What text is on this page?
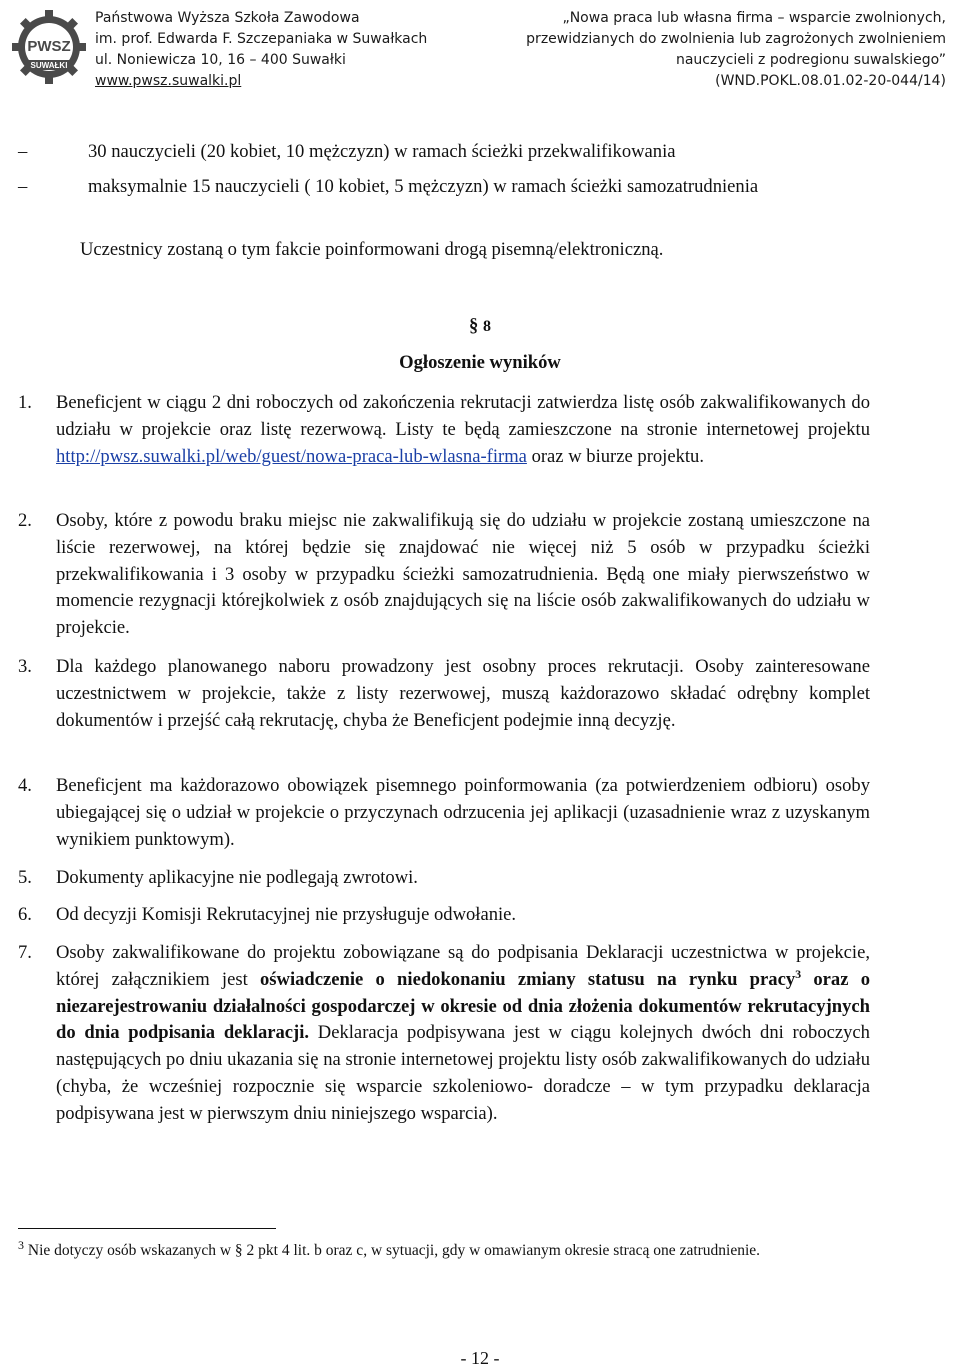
PWSZ
SUWAŁKI
Państwowa Wyższa Szkoła Zawodowa
im. prof. Edwarda F. Szczepaniaka w Suwałkach
ul. Noniewicza 10, 16 – 400 Suwałki
www.pwsz.suwalki.pl
„Nowa praca lub własna firma – wsparcie zwolnionych,
przewidzianych do zwolnienia lub zagrożonych zwolnieniem
nauczycieli z podregionu suwalskiego”
(WND.POKL.08.01.02-20-044/14)
–	30 nauczycieli (20 kobiet, 10 mężczyzn) w ramach ścieżki przekwalifikowania
–	maksymalnie 15 nauczycieli ( 10 kobiet, 5 mężczyzn) w ramach ścieżki samozatrudnienia
Uczestnicy zostaną o tym fakcie poinformowani drogą pisemną/elektroniczną.
§ 8
Ogłoszenie wyników
1. Beneficjent w ciągu 2 dni roboczych od zakończenia rekrutacji zatwierdza listę osób zakwalifikowanych do udziału w projekcie oraz listę rezerwową. Listy te będą zamieszczone na stronie internetowej projektu http://pwsz.suwalki.pl/web/guest/nowa-praca-lub-wlasna-firma oraz w biurze projektu.
2. Osoby, które z powodu braku miejsc nie zakwalifikują się do udziału w projekcie zostaną umieszczone na liście rezerwowej, na której będzie się znajdować nie więcej niż 5 osób w przypadku ścieżki przekwalifikowania i 3 osoby w przypadku ścieżki samozatrudnienia. Będą one miały pierwszeństwo w momencie rezygnacji którejkolwiek z osób znajdujących się na liście osób zakwalifikowanych do udziału w projekcie.
3. Dla każdego planowanego naboru prowadzony jest osobny proces rekrutacji. Osoby zainteresowane uczestnictwem w projekcie, także z listy rezerwowej, muszą każdorazowo składać odrębny komplet dokumentów i przejść całą rekrutację, chyba że Beneficjent podejmie inną decyzję.
4. Beneficjent ma każdorazowo obowiązek pisemnego poinformowania (za potwierdzeniem odbioru) osoby ubiegającej się o udział w projekcie o przyczynach odrzucenia jej aplikacji (uzasadnienie wraz z uzyskanym wynikiem punktowym).
5. Dokumenty aplikacyjne nie podlegają zwrotowi.
6. Od decyzji Komisji Rekrutacyjnej nie przysługuje odwołanie.
7. Osoby zakwalifikowane do projektu zobowiązane są do podpisania Deklaracji uczestnictwa w projekcie, której załącznikiem jest oświadczenie o niedokonaniu zmiany statusu na rynku pracy$^3$ oraz o niezarejestrowaniu działalności gospodarczej w okresie od dnia złożenia dokumentów rekrutacyjnych do dnia podpisania deklaracji. Deklaracja podpisywana jest w ciągu kolejnych dwóch dni roboczych następujących po dniu ukazania się na stronie internetowej projektu listy osób zakwalifikowanych do udziału (chyba, że wcześniej rozpocznie się wsparcie szkoleniowo- doradcze – w tym przypadku deklaracja podpisywana jest w pierwszym dniu niniejszego wsparcia).
$^3$ Nie dotyczy osób wskazanych w § 2 pkt 4 lit. b oraz c, w sytuacji, gdy w omawianym okresie stracą one zatrudnienie.
- 12 -
